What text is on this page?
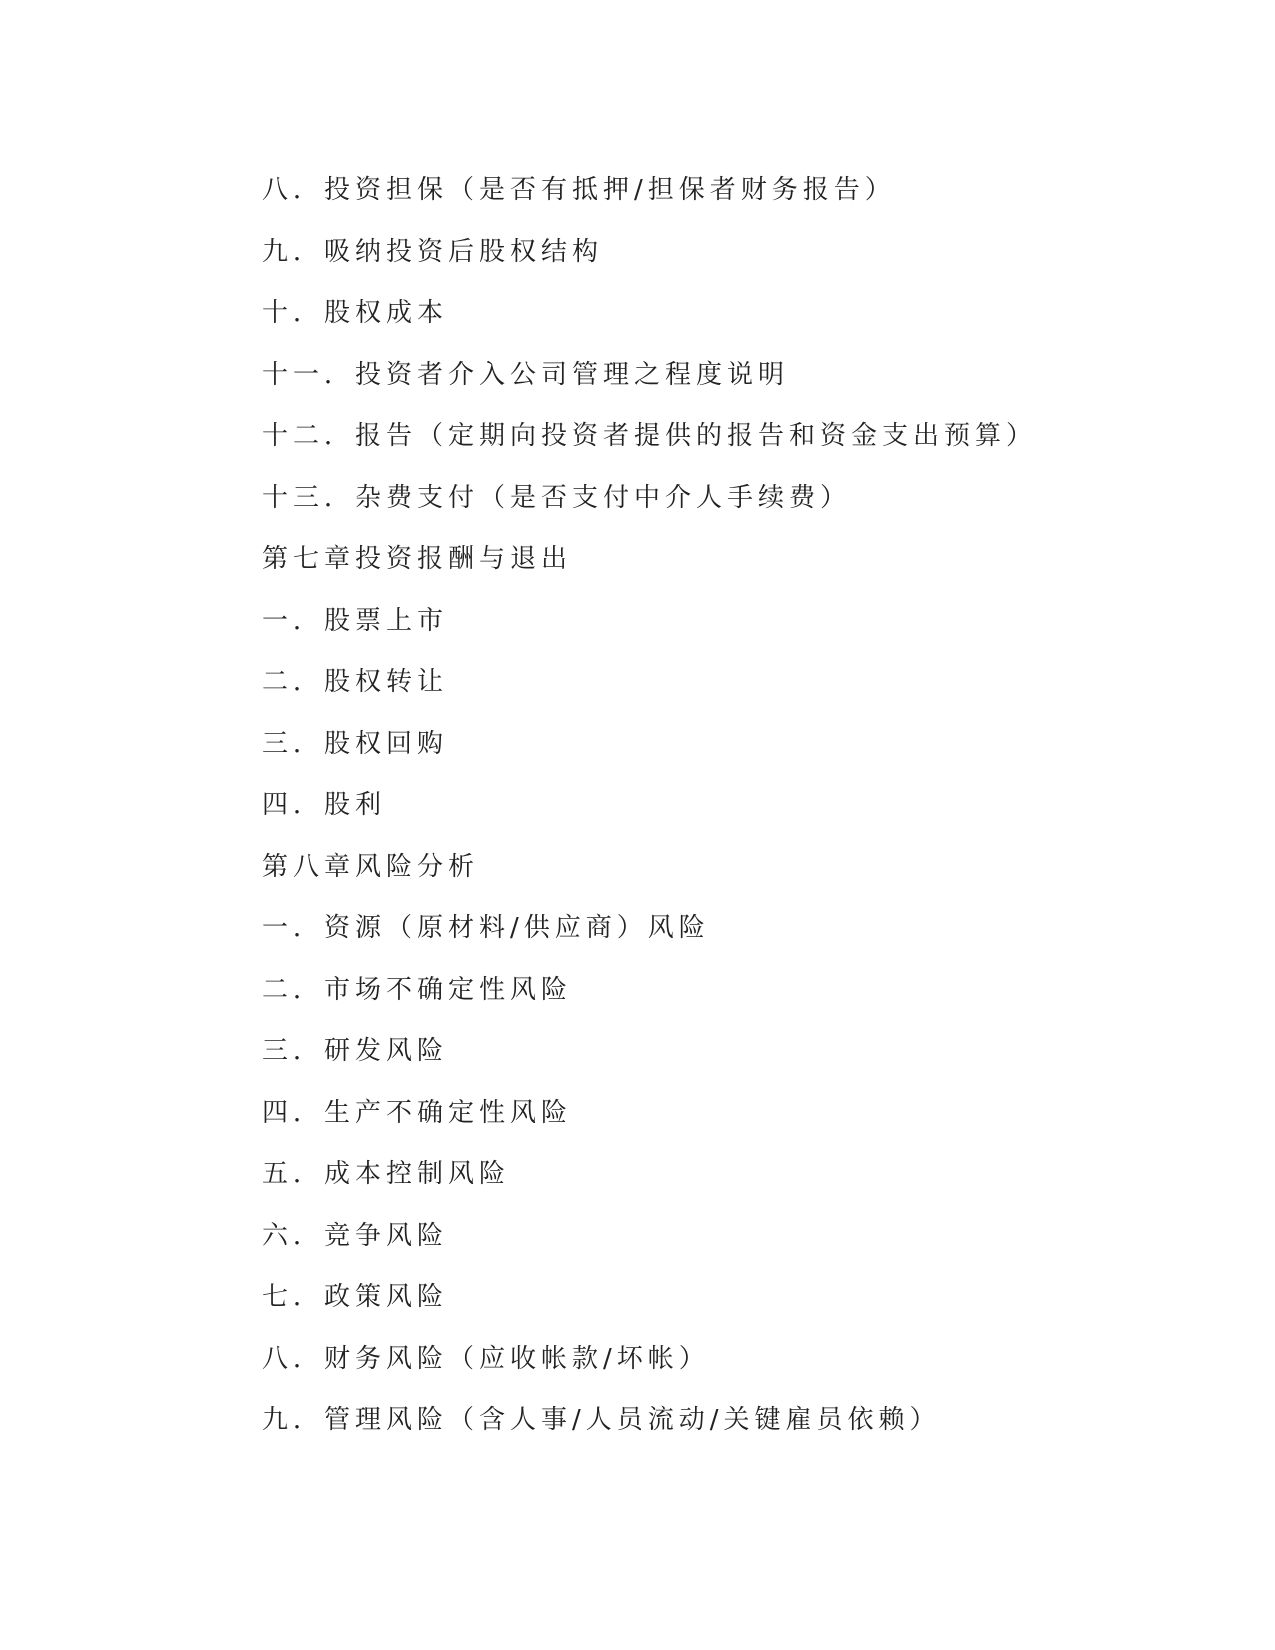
八．投资担保（是否有抵押/担保者财务报告）
九．吸纳投资后股权结构
十．股权成本
十一．投资者介入公司管理之程度说明
十二．报告（定期向投资者提供的报告和资金支出预算）
十三．杂费支付（是否支付中介人手续费）
第七章投资报酬与退出
一．股票上市
二．股权转让
三．股权回购
四．股利
第八章风险分析
一．资源（原材料/供应商）风险
二．市场不确定性风险
三．研发风险
四．生产不确定性风险
五．成本控制风险
六．竞争风险
七．政策风险
八．财务风险（应收帐款/坏帐）
九．管理风险（含人事/人员流动/关键雇员依赖）
